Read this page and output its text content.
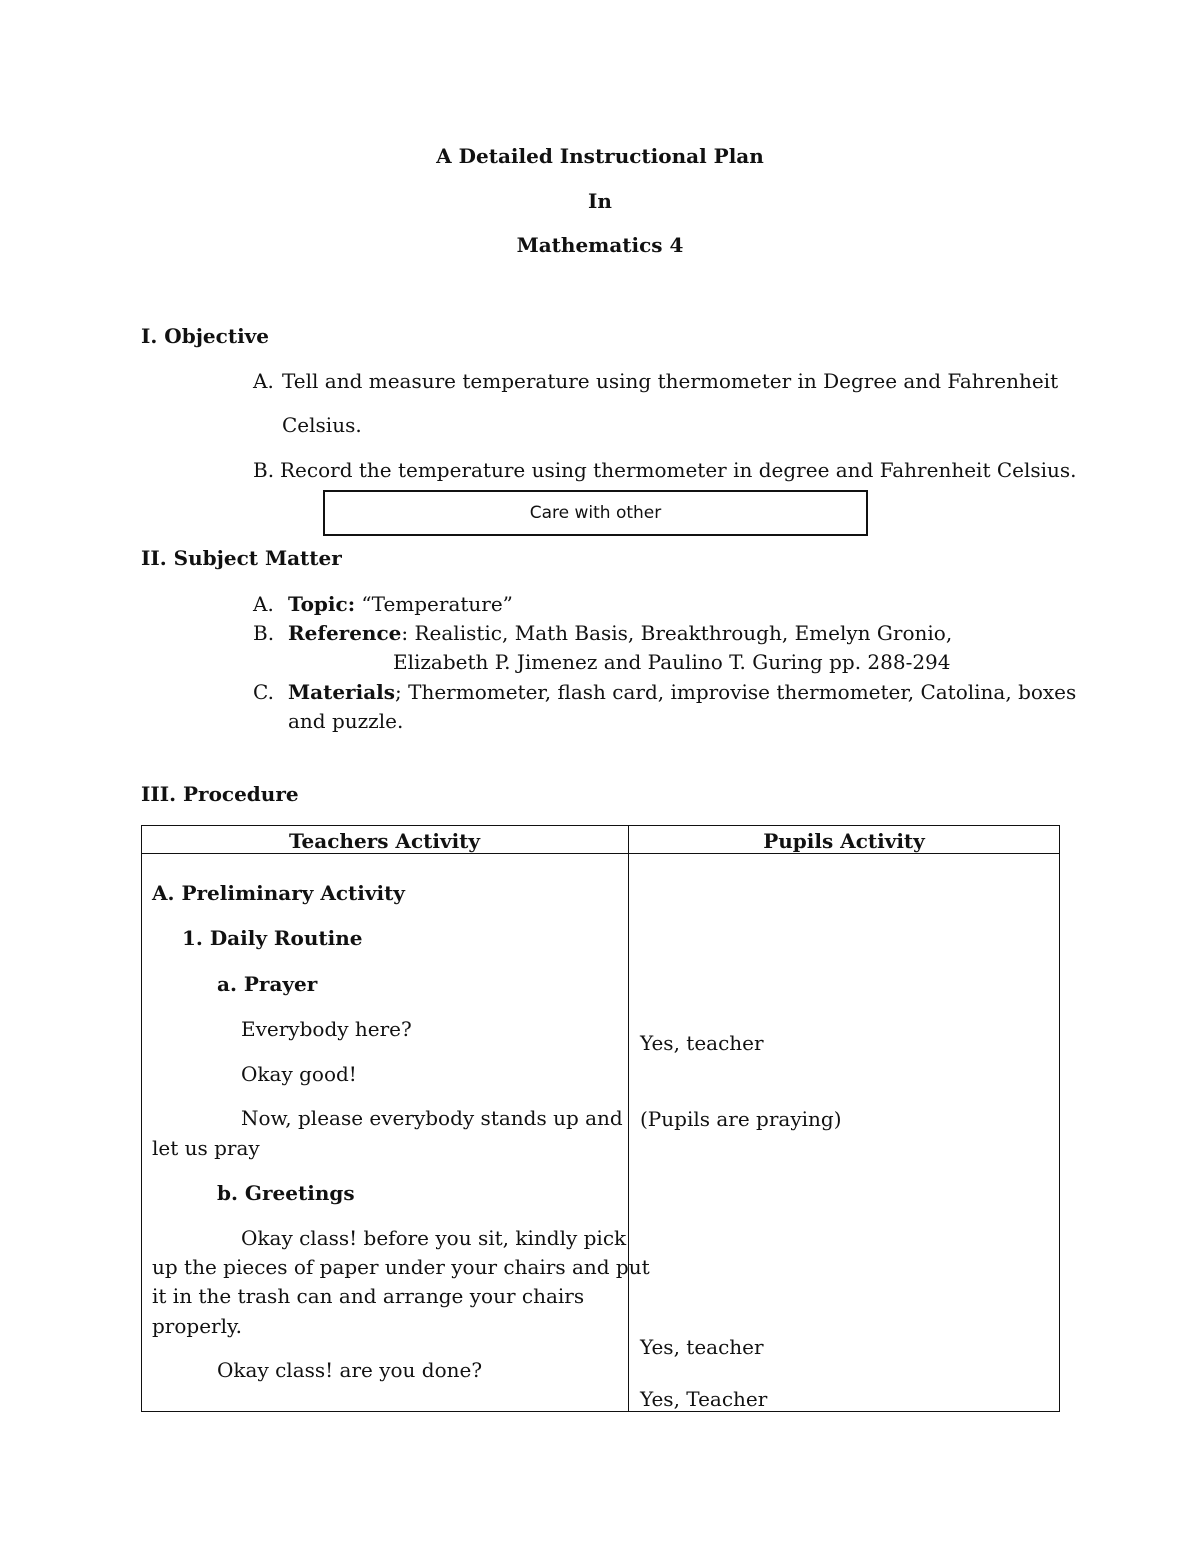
A Detailed Instructional Plan
In
Mathematics 4
I. Objective
A. Tell and measure temperature using thermometer in Degree and Fahrenheit
Celsius.
B. Record the temperature using thermometer in degree and Fahrenheit Celsius.
Care with other
II. Subject Matter
A. Topic: “Temperature”
B. Reference: Realistic, Math Basis, Breakthrough, Emelyn Gronio,
Elizabeth P. Jimenez and Paulino T. Guring pp. 288-294
C. Materials; Thermometer, flash card, improvise thermometer, Catolina, boxes
and puzzle.
III. Procedure
Teachers Activity	Pupils Activity
A. Preliminary Activity
1. Daily Routine
a. Prayer
Everybody here?
Okay good!
Now, please everybody stands up and
let us pray
b. Greetings
Okay class! before you sit, kindly pick
up the pieces of paper under your chairs and put
it in the trash can and arrange your chairs
properly.
Okay class! are you done?
Yes, teacher
(Pupils are praying)
Yes, teacher
Yes, Teacher
